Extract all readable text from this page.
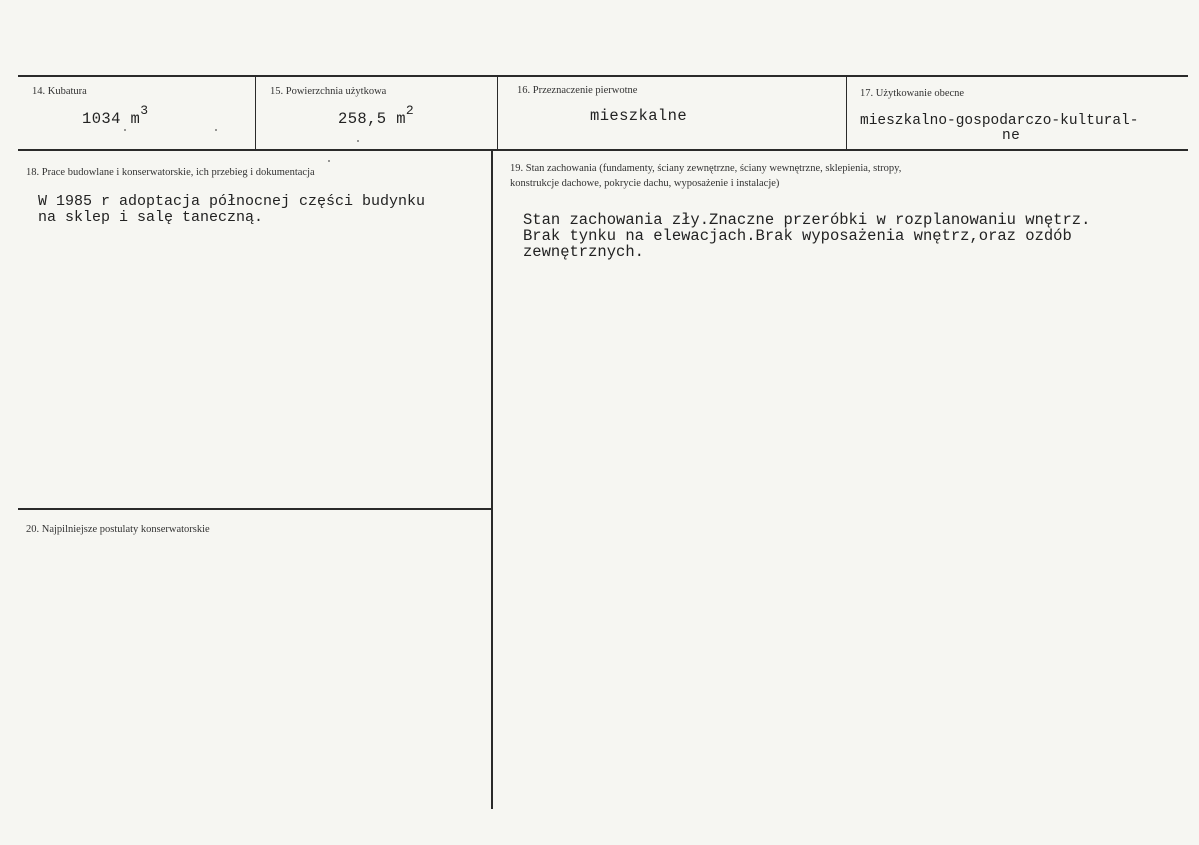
14. Kubatura
1034 $m^3$
15. Powierzchnia użytkowa
258,5 $m^2$
16. Przeznaczenie pierwotne
mieszkalne
17. Użytkowanie obecne
mieszkalno-gospodarczo-kultural-
ne
18. Prace budowlane i konserwatorskie, ich przebieg i dokumentacja
W 1985 r adoptacja północnej części budynku
na sklep i salę taneczną.
19. Stan zachowania (fundamenty, ściany zewnętrzne, ściany wewnętrzne, sklepienia, stropy,
konstrukcje dachowe, pokrycie dachu, wyposażenie i instalacje)
Stan zachowania zły.Znaczne przeróbki w rozplanowaniu wnętrz.
Brak tynku na elewacjach.Brak wyposażenia wnętrz,oraz ozdób
zewnętrznych.
20. Najpilniejsze postulaty konserwatorskie
